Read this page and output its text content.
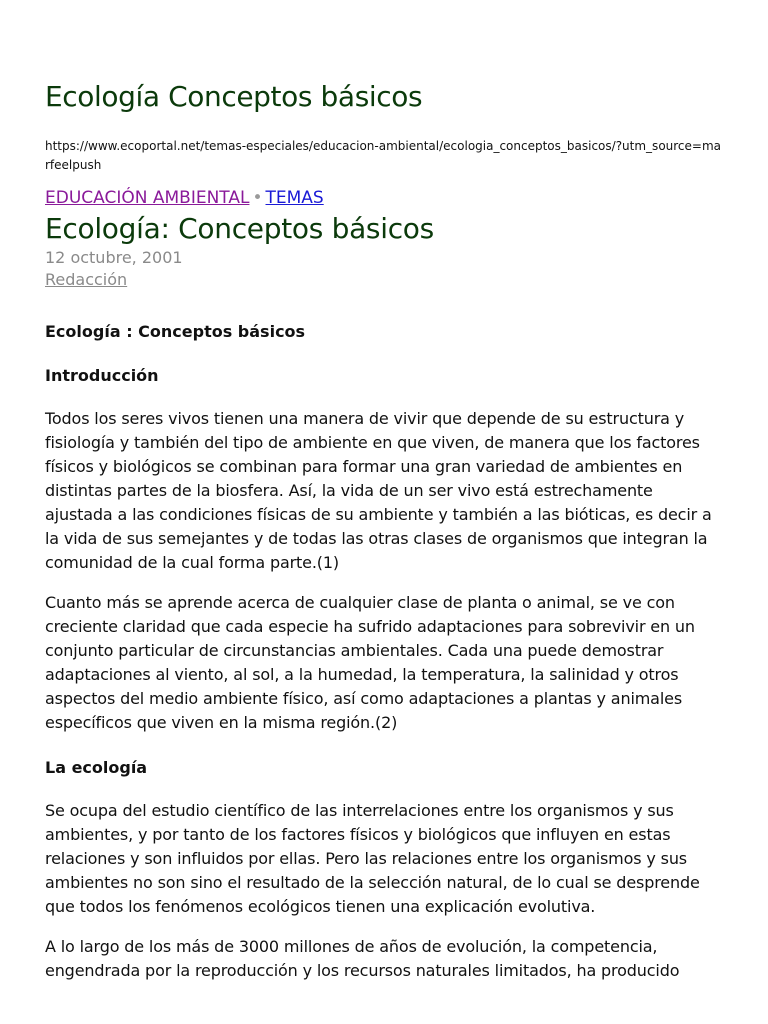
Ecología Conceptos básicos
https://www.ecoportal.net/temas-especiales/educacion-ambiental/ecologia_conceptos_basicos/?utm_source=marfeelpush
EDUCACIÓN AMBIENTAL • TEMAS
Ecología: Conceptos básicos
12 octubre, 2001
Redacción
Ecología : Conceptos básicos
Introducción

Todos los seres vivos tienen una manera de vivir que depende de su estructura y fisiología y también del tipo de ambiente en que viven, de manera que los factores físicos y biológicos se combinan para formar una gran variedad de ambientes en distintas partes de la biosfera. Así, la vida de un ser vivo está estrechamente ajustada a las condiciones físicas de su ambiente y también a las bióticas, es decir a la vida de sus semejantes y de todas las otras clases de organismos que integran la comunidad de la cual forma parte.(1)

Cuanto más se aprende acerca de cualquier clase de planta o animal, se ve con creciente claridad que cada especie ha sufrido adaptaciones para sobrevivir en un conjunto particular de circunstancias ambientales. Cada una puede demostrar adaptaciones al viento, al sol, a la humedad, la temperatura, la salinidad y otros aspectos del medio ambiente físico, así como adaptaciones a plantas y animales específicos que viven en la misma región.(2)

La ecología

Se ocupa del estudio científico de las interrelaciones entre los organismos y sus ambientes, y por tanto de los factores físicos y biológicos que influyen en estas relaciones y son influidos por ellas. Pero las relaciones entre los organismos y sus ambientes no son sino el resultado de la selección natural, de lo cual se desprende que todos los fenómenos ecológicos tienen una explicación evolutiva.

A lo largo de los más de 3000 millones de años de evolución, la competencia, engendrada por la reproducción y los recursos naturales limitados, ha producido
